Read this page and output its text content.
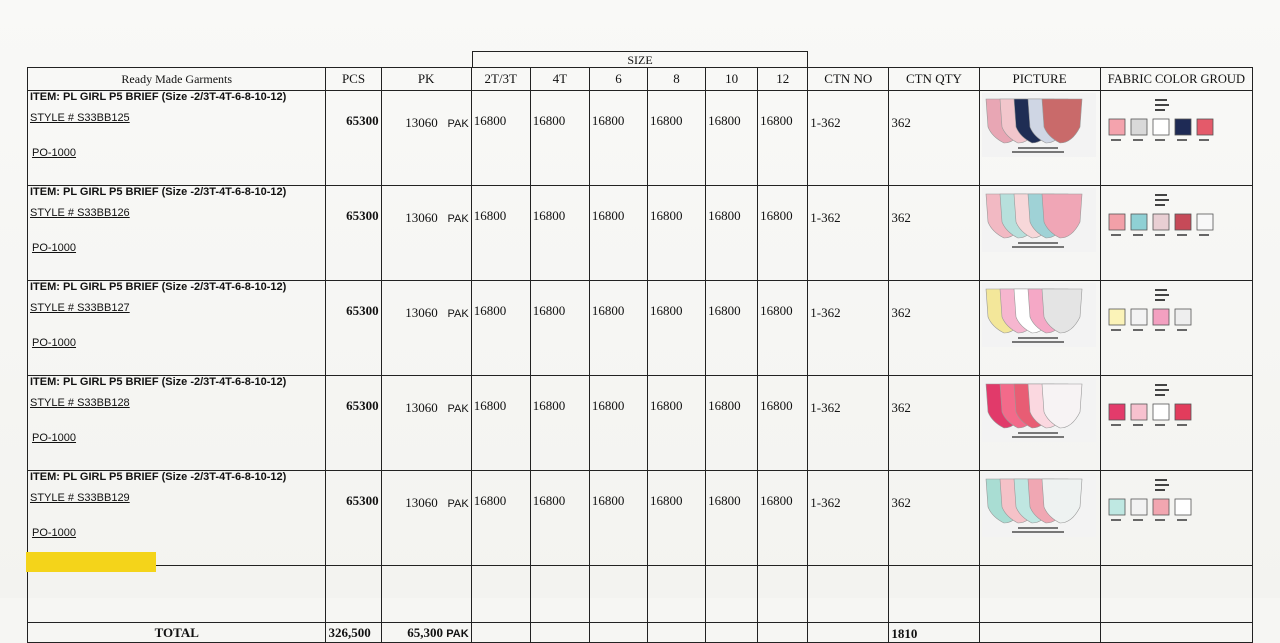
SIZE
Ready Made Garments	PCS	PK	2T/3T	4T	6	8	10	12	CTN NO	CTN QTY	PICTURE	FABRIC COLOR GROUD

ITEM: PL GIRL P5 BRIEF (Size -2/3T-4T-6-8-10-12)
STYLE # S33BB125
PO-1000	65300	13060 PAK	16800	16800	16800	16800	16800	16800	1-362	362	

ITEM: PL GIRL P5 BRIEF (Size -2/3T-4T-6-8-10-12)
STYLE # S33BB126
PO-1000	65300	13060 PAK	16800	16800	16800	16800	16800	16800	1-362	362	

ITEM: PL GIRL P5 BRIEF (Size -2/3T-4T-6-8-10-12)
STYLE # S33BB127
PO-1000	65300	13060 PAK	16800	16800	16800	16800	16800	16800	1-362	362	

ITEM: PL GIRL P5 BRIEF (Size -2/3T-4T-6-8-10-12)
STYLE # S33BB128
PO-1000	65300	13060 PAK	16800	16800	16800	16800	16800	16800	1-362	362	

ITEM: PL GIRL P5 BRIEF (Size -2/3T-4T-6-8-10-12)
STYLE # S33BB129
PO-1000	65300	13060 PAK	16800	16800	16800	16800	16800	16800	1-362	362	

TOTAL	326,500	65,300 PAK								1810		
